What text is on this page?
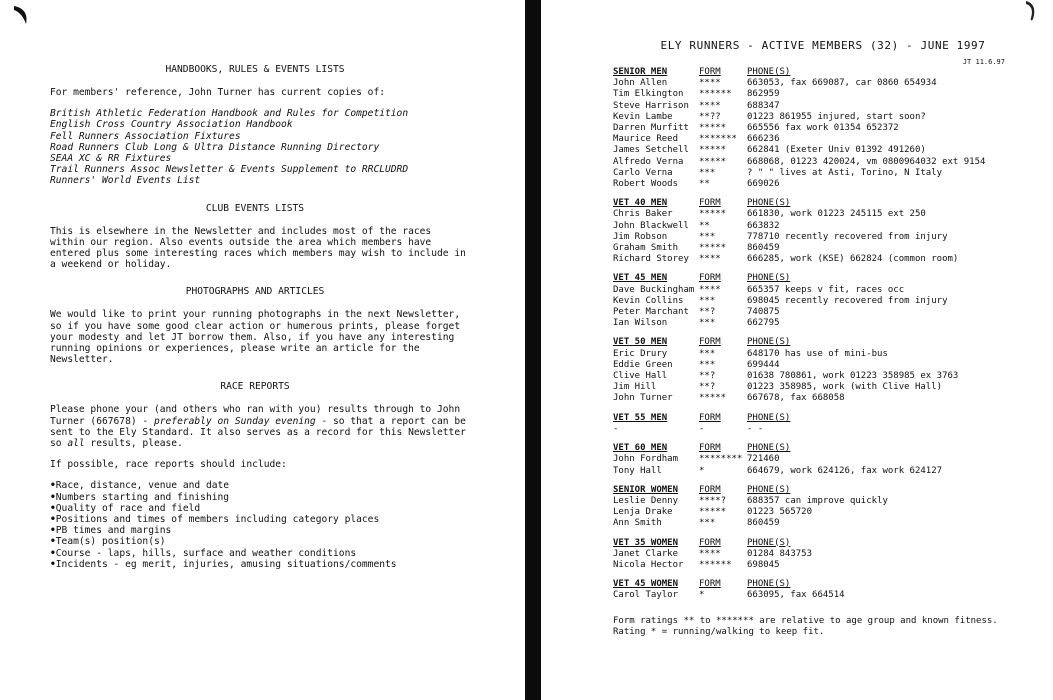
HANDBOOKS, RULES & EVENTS LISTS

For members' reference, John Turner has current copies of:

British Athletic Federation Handbook and Rules for Competition
English Cross Country Association Handbook
Fell Runners Association Fixtures
Road Runners Club Long & Ultra Distance Running Directory
SEAA XC & RR Fixtures
Trail Runners Assoc Newsletter & Events Supplement to RRCLUDRD
Runners' World Events List
CLUB EVENTS LISTS

This is elsewhere in the Newsletter and includes most of the races within our region. Also events outside the area which members have entered plus some interesting races which members may wish to include in a weekend or holiday.

PHOTOGRAPHS AND ARTICLES

We would like to print your running photographs in the next Newsletter, so if you have some good clear action or humerous prints, please forget your modesty and let JT borrow them. Also, if you have any interesting running opinions or experiences, please write an article for the Newsletter.

RACE REPORTS

Please phone your (and others who ran with you) results through to John Turner (667678) - preferably on Sunday evening - so that a report can be sent to the Ely Standard. It also serves as a record for this Newsletter so all results, please.

If possible, race reports should include:

• Race, distance, venue and date
• Numbers starting and finishing
• Quality of race and field
• Positions and times of members including category places
• PB times and margins
• Team(s) position(s)
• Course - laps, hills, surface and weather conditions
• Incidents - eg merit, injuries, amusing situations/comments
JT 11.6.97
ELY RUNNERS - ACTIVE MEMBERS (32) - JUNE 1997
SENIOR MEN	FORM	PHONE(S)
John Allen	****	663053, fax 669087, car 0860 654934
Tim Elkington	******	862959
Steve Harrison	****	688347
Kevin Lambe	**??	01223 861955 injured, start soon?
Darren Murfitt	*****	665556 fax work 01354 652372
Maurice Reed	*******	666236
James Setchell	*****	662841 (Exeter Univ 01392 491260)
Alfredo Verna	*****	668068, 01223 420024, vm 0800964032 ext 9154
Carlo Verna	***	? " " lives at Asti, Torino, N Italy
Robert Woods	**	669026
VET 40 MEN	FORM	PHONE(S)
Chris Baker	*****	661830, work 01223 245115 ext 250
John Blackwell	**	663832
Jim Robson	***	778710 recently recovered from injury
Graham Smith	*****	860459
Richard Storey	****	666285, work (KSE) 662824 (common room)
VET 45 MEN	FORM	PHONE(S)
Dave Buckingham ****	665357 keeps v fit, races occ
Kevin Collins	***	698045 recently recovered from injury
Peter Marchant	**?	740875
Ian Wilson	***	662795
VET 50 MEN	FORM	PHONE(S)
Eric Drury	***	648170 has use of mini-bus
Eddie Green	***	699444
Clive Hall	**?	01638 780861, work 01223 358985 ex 3763
Jim Hill	**?	01223 358985, work (with Clive Hall)
John Turner	*****	667678, fax 668058
VET 55 MEN	FORM	PHONE(S)
-	-	- -
VET 60 MEN	FORM	PHONE(S)
John Fordham	******** 721460
Tony Hall	*	664679, work 624126, fax work 624127
SENIOR WOMEN	FORM	PHONE(S)
Leslie Denny	****?	688357 can improve quickly
Lenja Drake	*****	01223 565720
Ann Smith	***	860459
VET 35 WOMEN	FORM	PHONE(S)
Janet Clarke	****	01284 843753
Nicola Hector	******	698045
VET 45 WOMEN	FORM	PHONE(S)
Carol Taylor	*	663095, fax 664514
Form ratings ** to ******* are relative to age group and known fitness.
Rating * = running/walking to keep fit.
